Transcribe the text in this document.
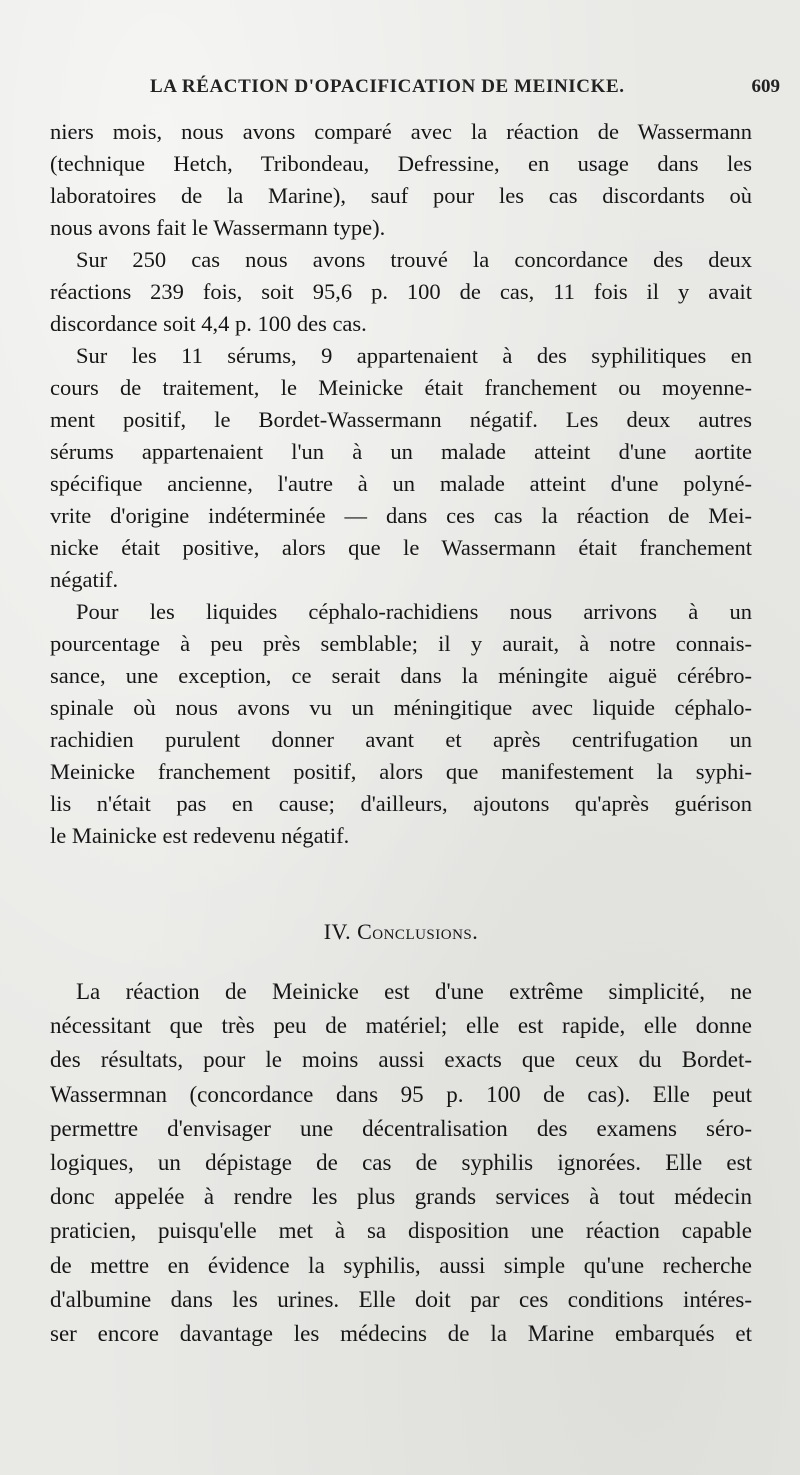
LA RÉACTION D'OPACIFICATION DE MEINICKE.	609
niers mois, nous avons comparé avec la réaction de Wassermann
(technique Hetch, Tribondeau, Defressine, en usage dans les
laboratoires de la Marine), sauf pour les cas discordants où
nous avons fait le Wassermann type).
Sur 250 cas nous avons trouvé la concordance des deux
réactions 239 fois, soit 95,6 p. 100 de cas, 11 fois il y avait
discordance soit 4,4 p. 100 des cas.
Sur les 11 sérums, 9 appartenaient à des syphilitiques en
cours de traitement, le Meinicke était franchement ou moyenne-
ment positif, le Bordet-Wassermann négatif. Les deux autres
sérums appartenaient l'un à un malade atteint d'une aortite
spécifique ancienne, l'autre à un malade atteint d'une polyné-
vrite d'origine indéterminée — dans ces cas la réaction de Mei-
nicke était positive, alors que le Wassermann était franchement
négatif.
Pour les liquides céphalo-rachidiens nous arrivons à un
pourcentage à peu près semblable; il y aurait, à notre connais-
sance, une exception, ce serait dans la méningite aiguë cérébro-
spinale où nous avons vu un méningitique avec liquide céphalo-
rachidien purulent donner avant et après centrifugation un
Meinicke franchement positif, alors que manifestement la syphi-
lis n'était pas en cause; d'ailleurs, ajoutons qu'après guérison
le Mainicke est redevenu négatif.
IV. Conclusions.
La réaction de Meinicke est d'une extrême simplicité, ne
nécessitant que très peu de matériel; elle est rapide, elle donne
des résultats, pour le moins aussi exacts que ceux du Bordet-
Wassermnan (concordance dans 95 p. 100 de cas). Elle peut
permettre d'envisager une décentralisation des examens séro-
logiques, un dépistage de cas de syphilis ignorées. Elle est
donc appelée à rendre les plus grands services à tout médecin
praticien, puisqu'elle met à sa disposition une réaction capable
de mettre en évidence la syphilis, aussi simple qu'une recherche
d'albumine dans les urines. Elle doit par ces conditions intéres-
ser encore davantage les médecins de la Marine embarqués et
